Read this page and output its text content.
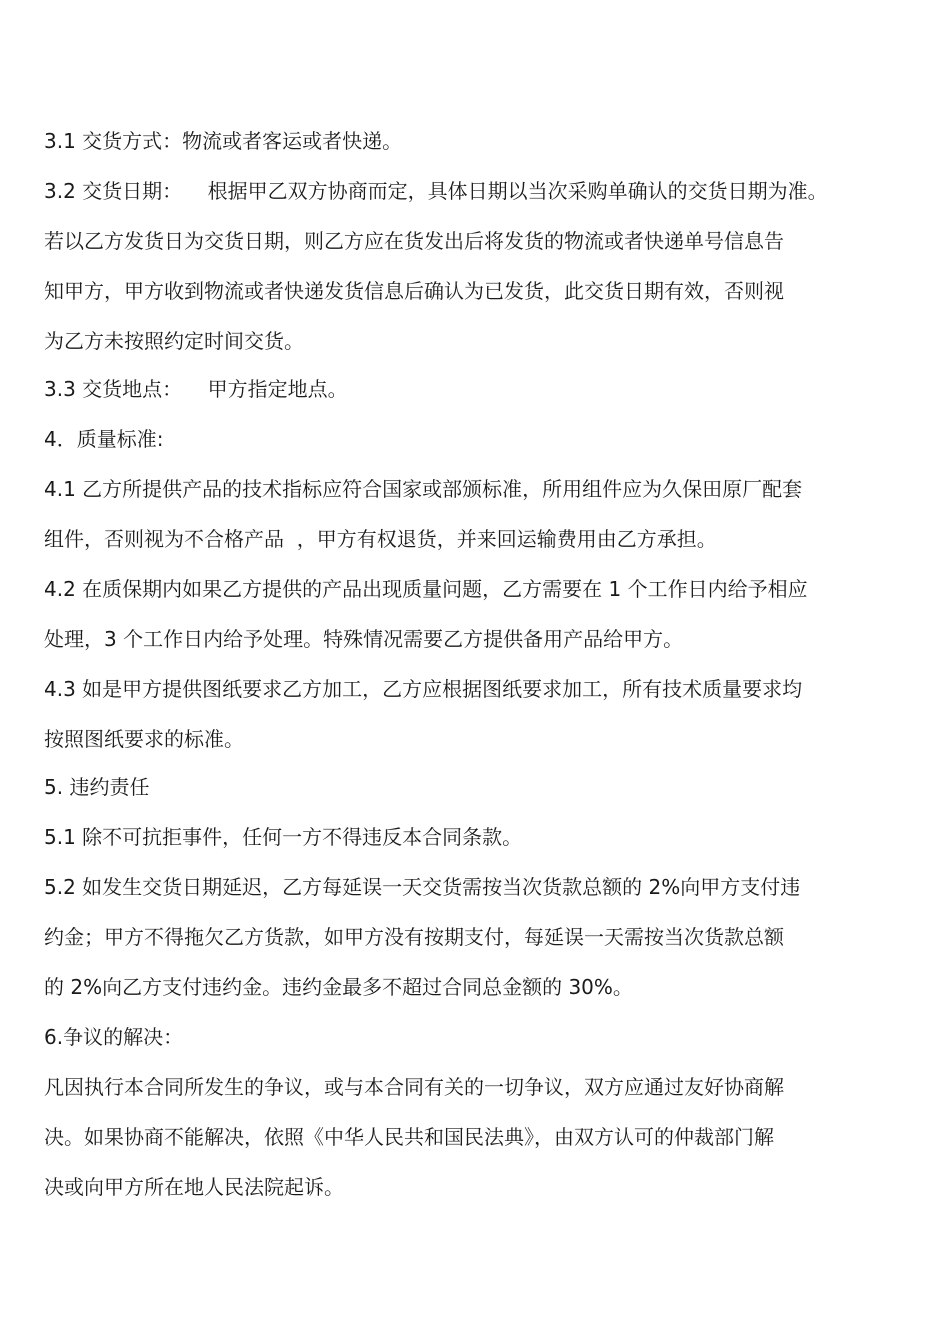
3.1 交货方式：物流或者客运或者快递。
3.2 交货日期：    根据甲乙双方协商而定，具体日期以当次采购单确认的交货日期为准。
若以乙方发货日为交货日期，则乙方应在货发出后将发货的物流或者快递单号信息告
知甲方，甲方收到物流或者快递发货信息后确认为已发货，此交货日期有效，否则视
为乙方未按照约定时间交货。
3.3 交货地点：    甲方指定地点。
4．质量标准:
4.1 乙方所提供产品的技术指标应符合国家或部颁标准，所用组件应为久保田原厂配套
组件，否则视为不合格产品  ，甲方有权退货，并来回运输费用由乙方承担。
4.2 在质保期内如果乙方提供的产品出现质量问题，乙方需要在 1 个工作日内给予相应
处理，3 个工作日内给予处理。特殊情况需要乙方提供备用产品给甲方。
4.3 如是甲方提供图纸要求乙方加工，乙方应根据图纸要求加工，所有技术质量要求均
按照图纸要求的标准。
5. 违约责任
5.1 除不可抗拒事件，任何一方不得违反本合同条款。
5.2 如发生交货日期延迟，乙方每延误一天交货需按当次货款总额的 2%向甲方支付违
约金；甲方不得拖欠乙方货款，如甲方没有按期支付，每延误一天需按当次货款总额
的 2%向乙方支付违约金。违约金最多不超过合同总金额的 30%。
6.争议的解决：
凡因执行本合同所发生的争议，或与本合同有关的一切争议，双方应通过友好协商解
决。如果协商不能解决，依照《中华人民共和国民法典》，由双方认可的仲裁部门解
决或向甲方所在地人民法院起诉。
